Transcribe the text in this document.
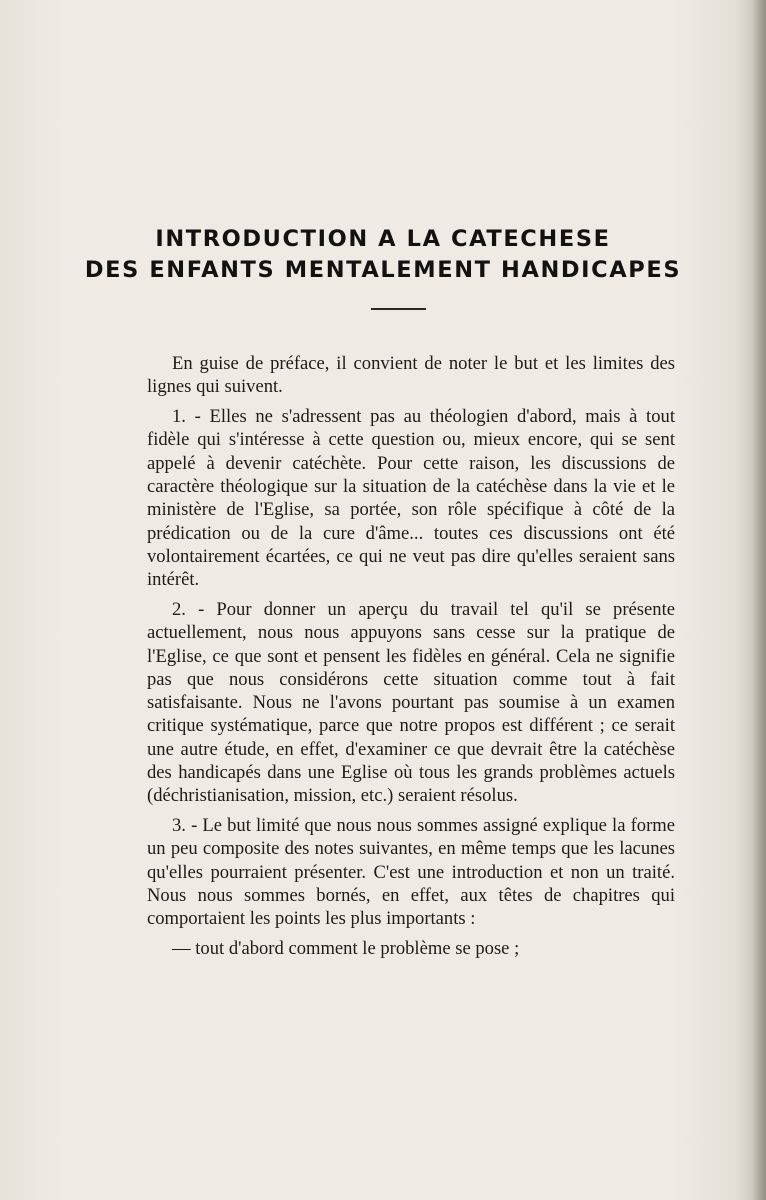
INTRODUCTION A LA CATECHESE
DES ENFANTS MENTALEMENT HANDICAPES

En guise de préface, il convient de noter le but et les limites des lignes qui suivent.

1. - Elles ne s'adressent pas au théologien d'abord, mais à tout fidèle qui s'intéresse à cette question ou, mieux encore, qui se sent appelé à devenir catéchète. Pour cette raison, les discussions de caractère théologique sur la situation de la catéchèse dans la vie et le ministère de l'Eglise, sa portée, son rôle spécifique à côté de la prédication ou de la cure d'âme... toutes ces discussions ont été volontairement écartées, ce qui ne veut pas dire qu'elles seraient sans intérêt.

2. - Pour donner un aperçu du travail tel qu'il se présente actuellement, nous nous appuyons sans cesse sur la pratique de l'Eglise, ce que sont et pensent les fidèles en général. Cela ne signifie pas que nous considérons cette situation comme tout à fait satisfaisante. Nous ne l'avons pourtant pas soumise à un examen critique systématique, parce que notre propos est différent ; ce serait une autre étude, en effet, d'examiner ce que devrait être la catéchèse des handicapés dans une Eglise où tous les grands problèmes actuels (déchristianisation, mission, etc.) seraient résolus.

3. - Le but limité que nous nous sommes assigné explique la forme un peu composite des notes suivantes, en même temps que les lacunes qu'elles pourraient présenter. C'est une introduction et non un traité. Nous nous sommes bornés, en effet, aux têtes de chapitres qui comportaient les points les plus importants :

— tout d'abord comment le problème se pose ;
